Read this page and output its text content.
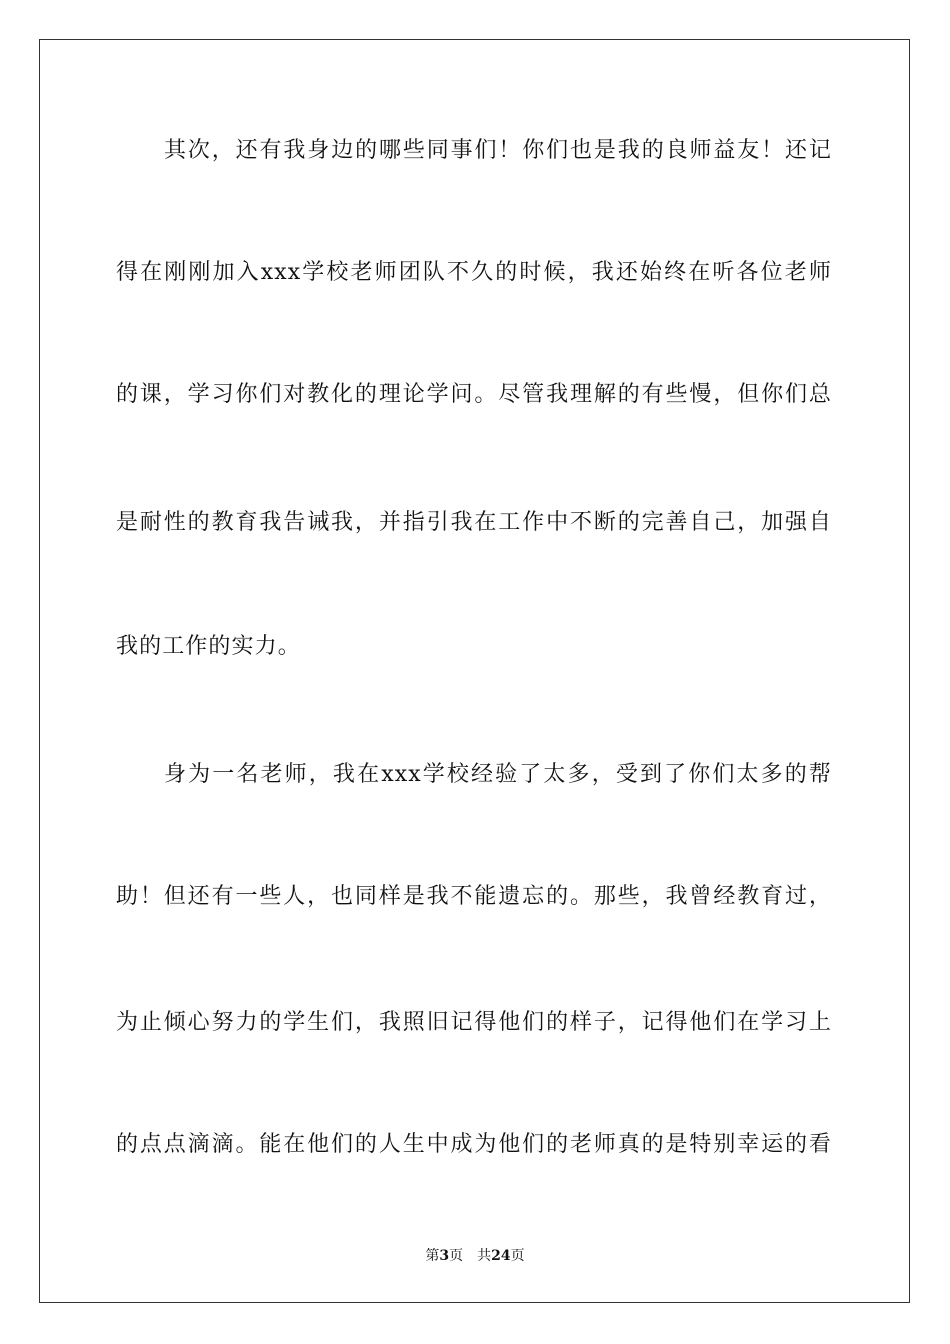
其次，还有我身边的哪些同事们！你们也是我的良师益友！还记
得在刚刚加入xxx学校老师团队不久的时候，我还始终在听各位老师
的课，学习你们对教化的理论学问。尽管我理解的有些慢，但你们总
是耐性的教育我告诫我，并指引我在工作中不断的完善自己，加强自
我的工作的实力。
身为一名老师，我在xxx学校经验了太多，受到了你们太多的帮
助！但还有一些人，也同样是我不能遗忘的。那些，我曾经教育过，
为止倾心努力的学生们，我照旧记得他们的样子，记得他们在学习上
的点点滴滴。能在他们的人生中成为他们的老师真的是特别幸运的看
第3页 共24页
